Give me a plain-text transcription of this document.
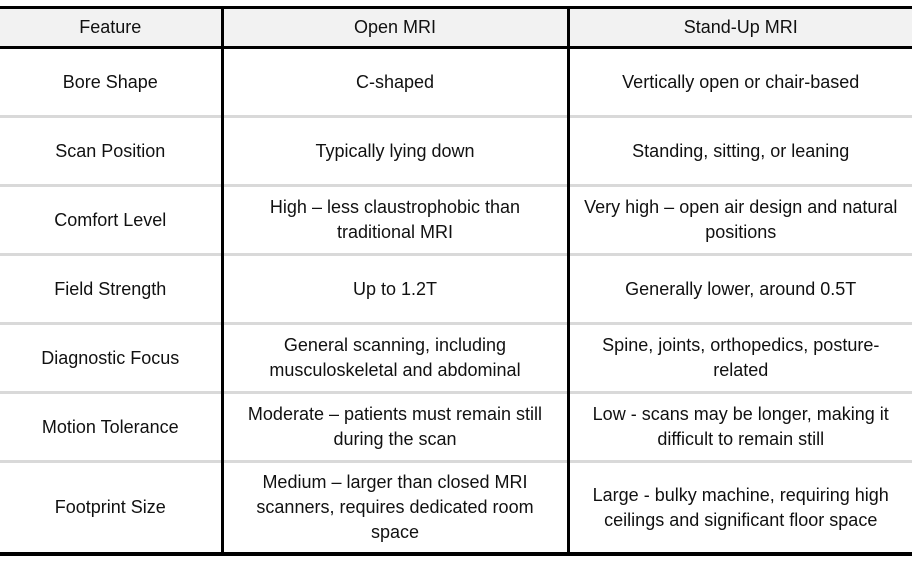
Feature	Open MRI	Stand-Up MRI
Bore Shape	C-shaped	Vertically open or chair-based
Scan Position	Typically lying down	Standing, sitting, or leaning
Comfort Level	High – less claustrophobic than traditional MRI	Very high – open air design and natural positions
Field Strength	Up to 1.2T	Generally lower, around 0.5T
Diagnostic Focus	General scanning, including musculoskeletal and abdominal	Spine, joints, orthopedics, posture-related
Motion Tolerance	Moderate – patients must remain still during the scan	Low - scans may be longer, making it difficult to remain still
Footprint Size	Medium – larger than closed MRI scanners, requires dedicated room space	Large - bulky machine, requiring high ceilings and significant floor space
